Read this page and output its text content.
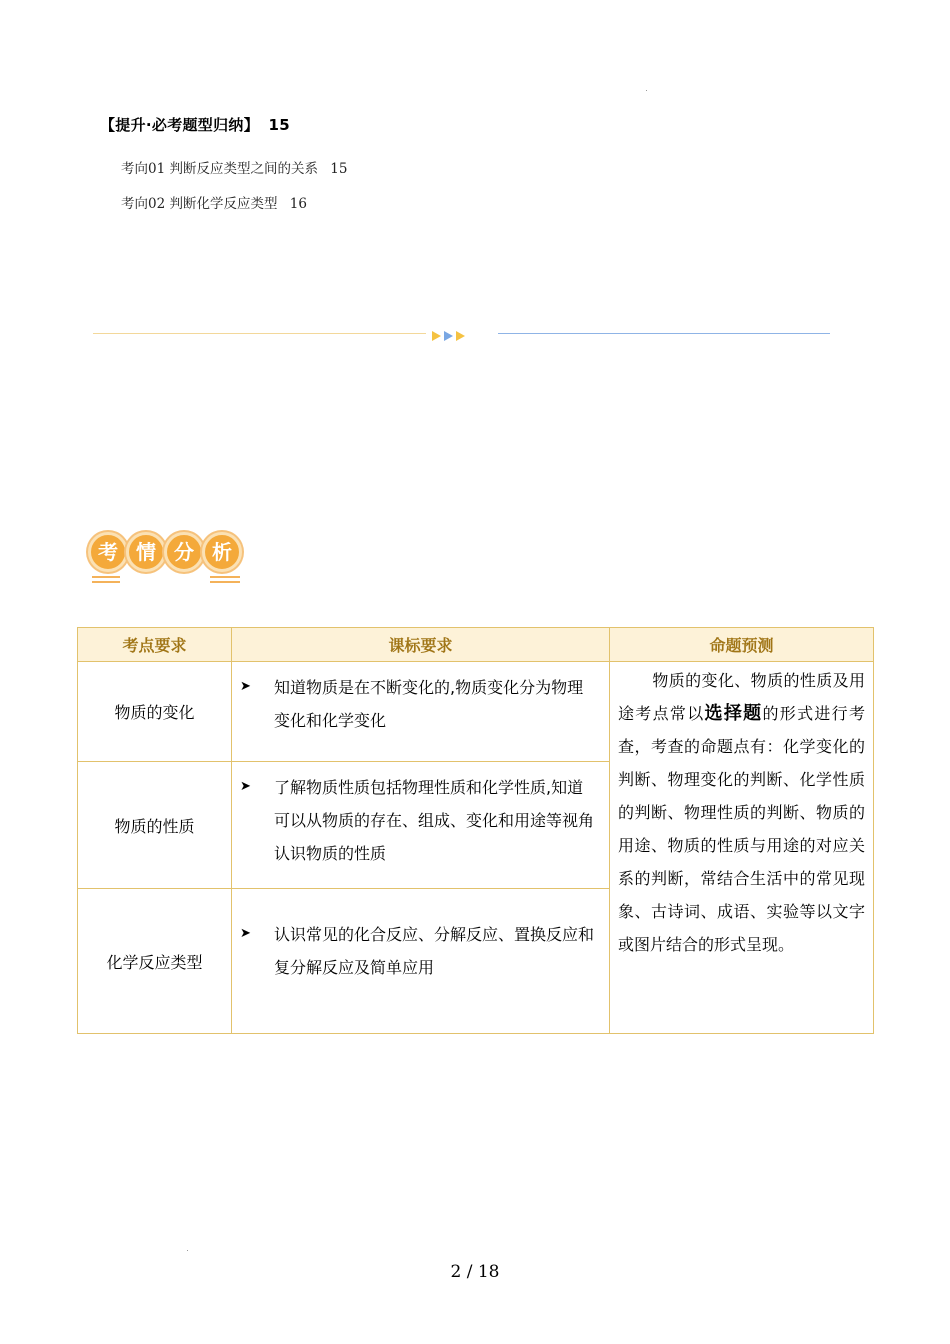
【提升·必考题型归纳】 15
考向01 判断反应类型之间的关系 15
考向02 判断化学反应类型 16
考 情 分 析
考点要求	课标要求	命题预测
物质的变化	➤ 知道物质是在不断变化的,物质变化分为物理变化和化学变化	物质的变化、物质的性质及用途考点常以选择题的形式进行考查，考查的命题点有：化学变化的判断、物理变化的判断、化学性质的判断、物理性质的判断、物质的用途、物质的性质与用途的对应关系的判断，常结合生活中的常见现象、古诗词、成语、实验等以文字或图片结合的形式呈现。
物质的性质	➤ 了解物质性质包括物理性质和化学性质,知道可以从物质的存在、组成、变化和用途等视角认识物质的性质	

化学反应类型	➤ 认识常见的化合反应、分解反应、置换反应和复分解反应及简单应用	
2 / 18
